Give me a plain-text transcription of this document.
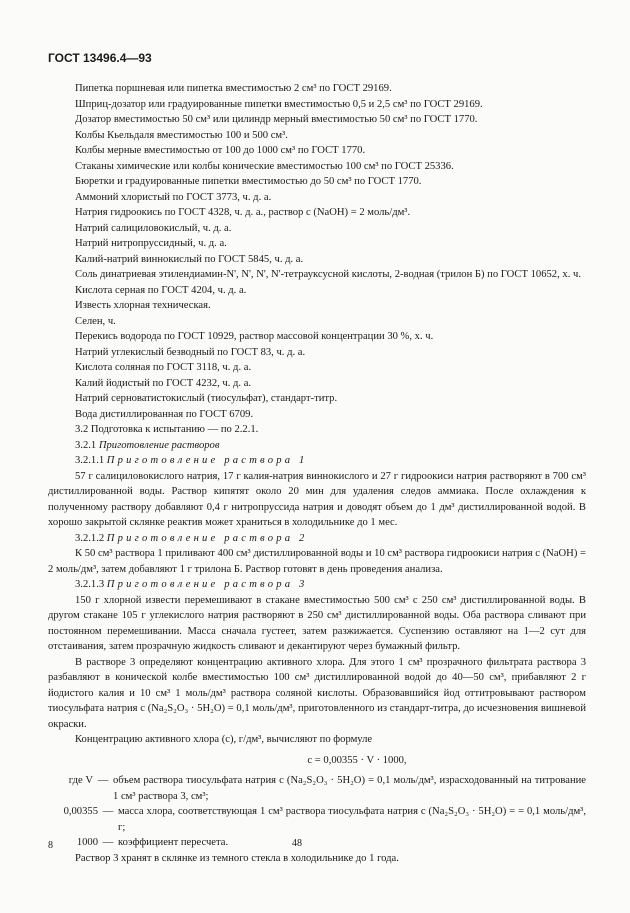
ГОСТ 13496.4—93
Пипетка поршневая или пипетка вместимостью 2 см³ по ГОСТ 29169.
Шприц-дозатор или градуированные пипетки вместимостью 0,5 и 2,5 см³ по ГОСТ 29169.
Дозатор вместимостью 50 см³ или цилиндр мерный вместимостью 50 см³ по ГОСТ 1770.
Колбы Кьельдаля вместимостью 100 и 500 см³.
Колбы мерные вместимостью от 100 до 1000 см³ по ГОСТ 1770.
Стаканы химические или колбы конические вместимостью 100 см³ по ГОСТ 25336.
Бюретки и градуированные пипетки вместимостью до 50 см³ по ГОСТ 1770.
Аммоний хлористый по ГОСТ 3773, ч. д. а.
Натрия гидроокись по ГОСТ 4328, ч. д. а., раствор c (NaOH) = 2 моль/дм³.
Натрий салициловокислый, ч. д. а.
Натрий нитропруссидный, ч. д. а.
Калий-натрий виннокислый по ГОСТ 5845, ч. д. а.
Соль динатриевая этилендиамин-N', N', N', N'-тетрауксусной кислоты, 2-водная (трилон Б) по ГОСТ 10652, х. ч.
Кислота серная по ГОСТ 4204, ч. д. а.
Известь хлорная техническая.
Селен, ч.
Перекись водорода по ГОСТ 10929, раствор массовой концентрации 30 %, х. ч.
Натрий углекислый безводный по ГОСТ 83, ч. д. а.
Кислота соляная по ГОСТ 3118, ч. д. а.
Калий йодистый по ГОСТ 4232, ч. д. а.
Натрий серноватистокислый (тиосульфат), стандарт-титр.
Вода дистиллированная по ГОСТ 6709.
3.2 Подготовка к испытанию — по 2.2.1.
3.2.1 Приготовление растворов
3.2.1.1 Приготовление раствора 1
57 г салициловокислого натрия, 17 г калия-натрия виннокислого и 27 г гидроокиси натрия растворяют в 700 см³ дистиллированной воды. Раствор кипятят около 20 мин для удаления следов аммиака. После охлаждения к полученному раствору добавляют 0,4 г нитропруссида натрия и доводят объем до 1 дм³ дистиллированной водой. В хорошо закрытой склянке реактив может храниться в холодильнике до 1 мес.
3.2.1.2 Приготовление раствора 2
К 50 см³ раствора 1 приливают 400 см³ дистиллированной воды и 10 см³ раствора гидроокиси натрия c (NaOH) = 2 моль/дм³, затем добавляют 1 г трилона Б. Раствор готовят в день проведения анализа.
3.2.1.3 Приготовление раствора 3
150 г хлорной извести перемешивают в стакане вместимостью 500 см³ с 250 см³ дистиллированной воды. В другом стакане 105 г углекислого натрия растворяют в 250 см³ дистиллированной воды. Оба раствора сливают при постоянном перемешивании. Масса сначала густеет, затем разжижается. Суспензию оставляют на 1—2 сут для отстаивания, затем прозрачную жидкость сливают и декантируют через бумажный фильтр.
В растворе 3 определяют концентрацию активного хлора. Для этого 1 см³ прозрачного фильтрата раствора 3 разбавляют в конической колбе вместимостью 100 см³ дистиллированной водой до 40—50 см³, прибавляют 2 г йодистого калия и 10 см³ 1 моль/дм³ раствора соляной кислоты. Образовавшийся йод оттитровывают раствором тиосульфата натрия c (Na₂S₂O₃ · 5H₂O) = 0,1 моль/дм³, приготовленного из стандарт-титра, до исчезновения вишневой окраски.
Концентрацию активного хлора (c), г/дм³, вычисляют по формуле
c = 0,00355 · V · 1000,
где V — объем раствора тиосульфата натрия c (Na₂S₂O₃ · 5H₂O) = 0,1 моль/дм³, израсходованный на титрование 1 см³ раствора 3, см³;
0,00355 — масса хлора, соответствующая 1 см³ раствора тиосульфата натрия c (Na₂S₂O₃ · 5H₂O) = = 0,1 моль/дм³, г;
1000 — коэффициент пересчета.
Раствор 3 хранят в склянке из темного стекла в холодильнике до 1 года.
8	48
